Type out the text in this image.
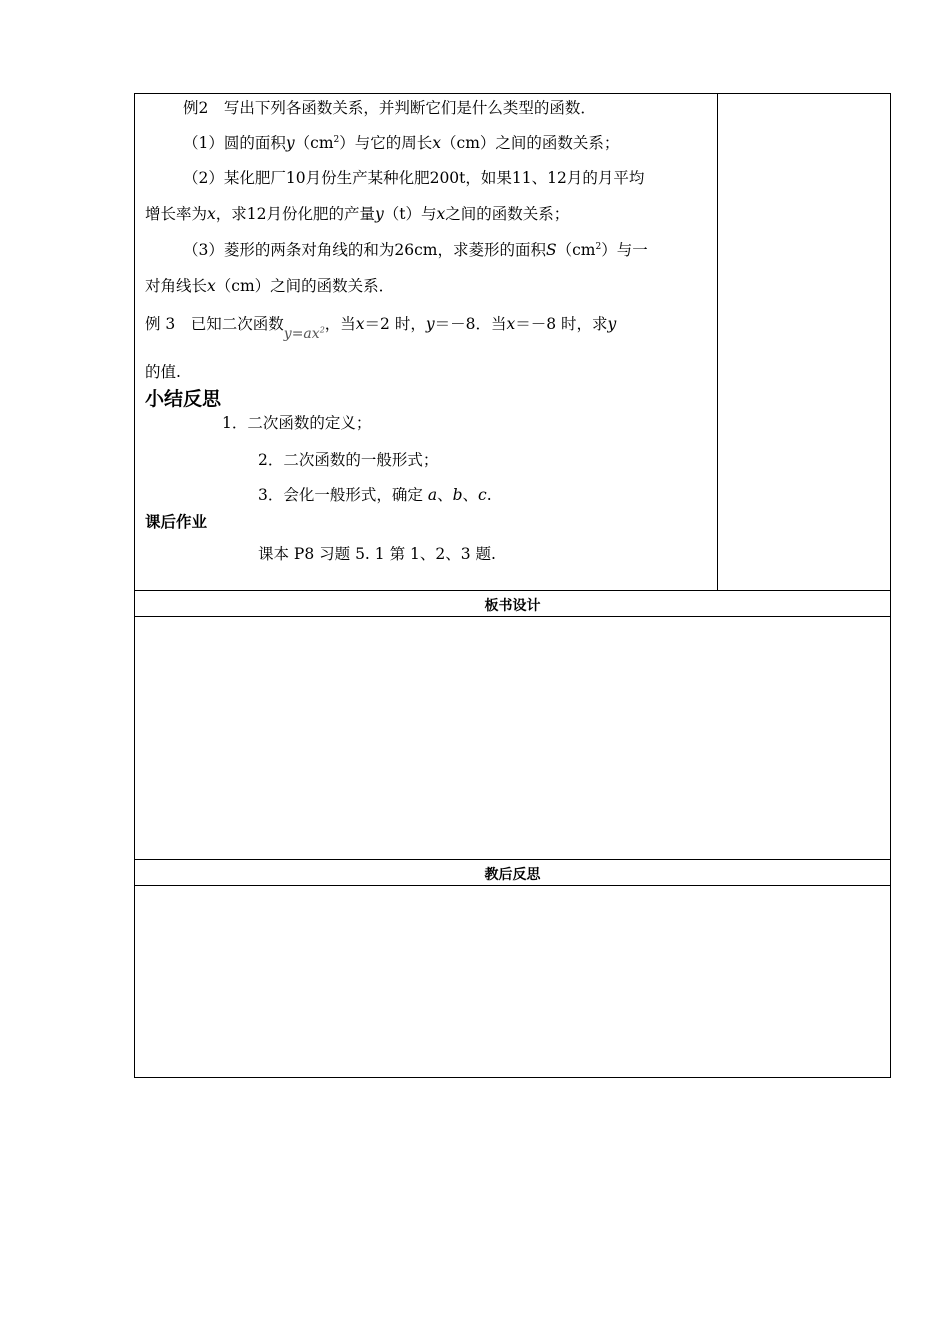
例2　 写出下列各函数关系，并判断它们是什么类型的函数．
（1）圆的面积$y(cm^2)$与它的周长x（cm）之间的函数关系；
（2）某化肥厂10月份生产某种化肥200t，如果11、12月的月平均
增长率为x，求12月份化肥的产量y（t）与x之间的函数关系；
（3）菱形的两条对角线的和为26cm，求菱形的面积$S(cm^2)$与一
对角线长x（cm）之间的函数关系．
例 3　已知二次函数$y=ax^2$，当x＝2 时，y＝－8．当x＝－8 时，求y
的值.
小结反思
1．二次函数的定义；
2．二次函数的一般形式；
3．会化一般形式，确定 a、b、c.
课后作业
课本 P8 习题 5. 1 第 1、2、3 题.
板书设计
教后反思
